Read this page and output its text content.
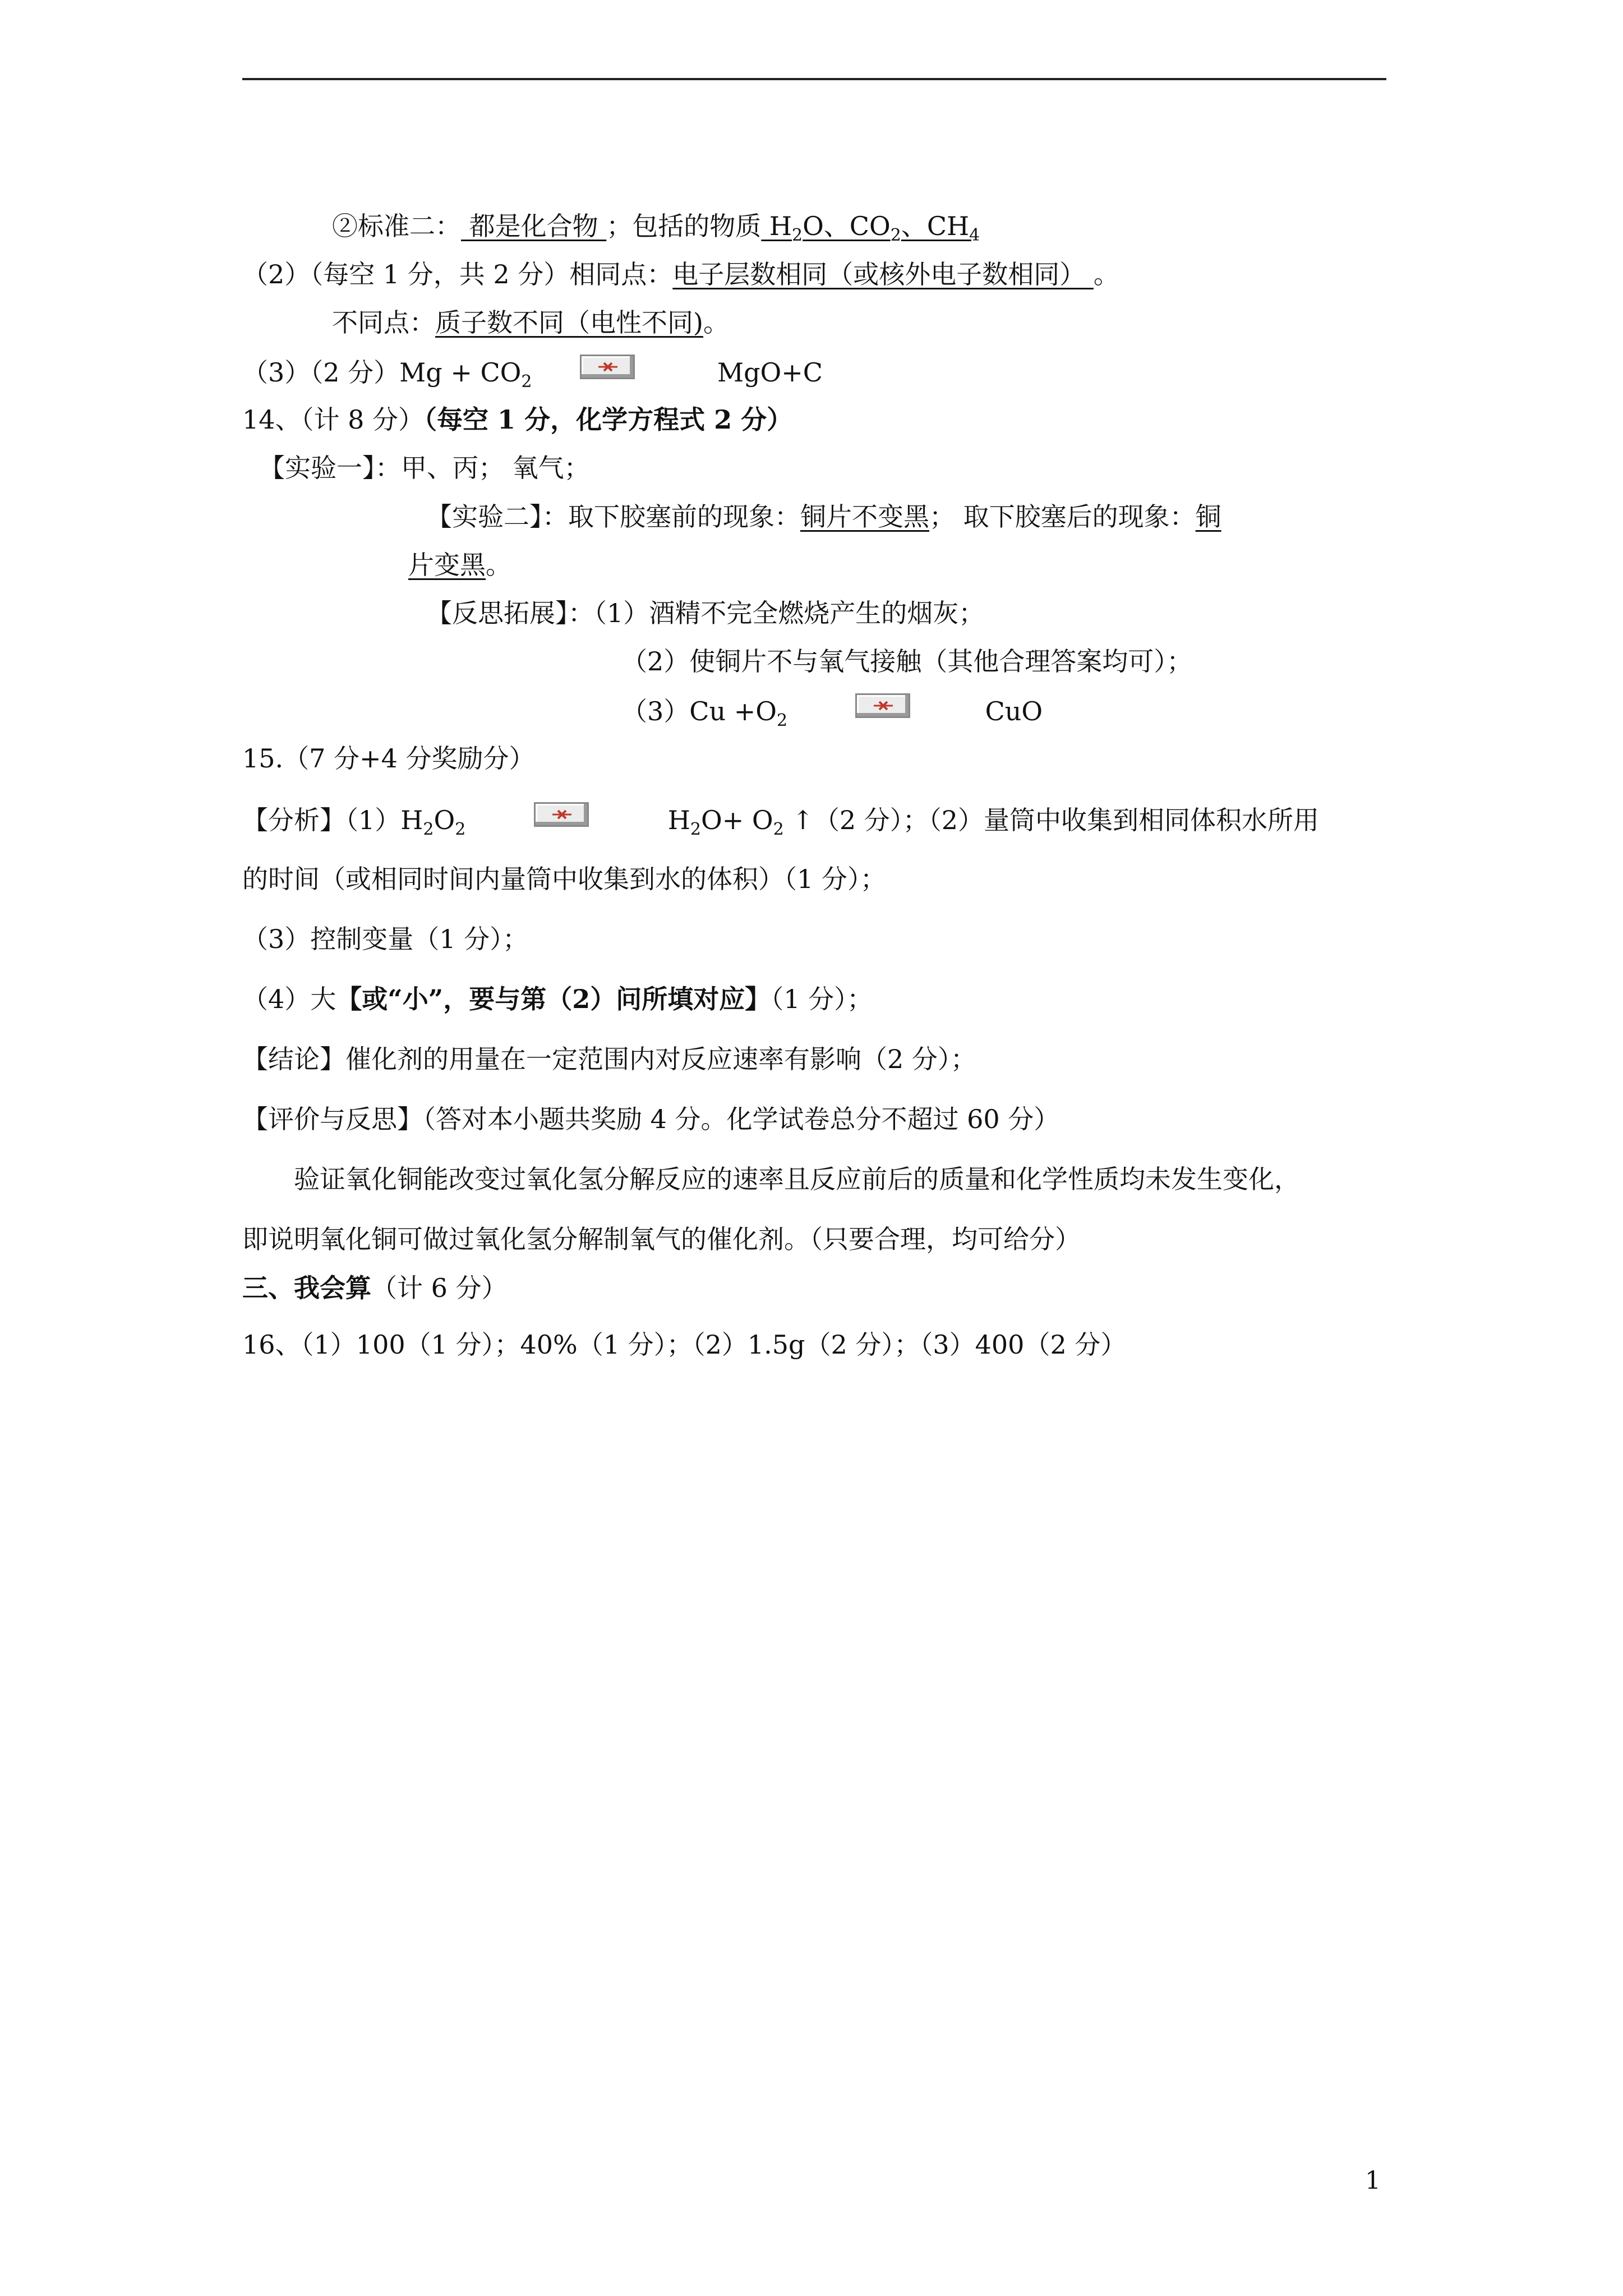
②标准二： 都是化合物 ；包括的物质 $H_2O$、$CO_2$、$CH_4$
（2）（每空 1 分，共 2 分）相同点：电子层数相同（或核外电子数相同） 。
不同点：质子数不同（电性不同)。
（3）（2 分）$Mg + CO_2$	MgO+C
14、（计 8 分）（每空 1 分，化学方程式 2 分）
【实验一】：甲、丙； 氧气；
【实验二】：取下胶塞前的现象：铜片不变黑； 取下胶塞后的现象：铜
片变黑。
【反思拓展】：（1）酒精不完全燃烧产生的烟灰；
（2）使铜片不与氧气接触（其他合理答案均可）；
$(3)Cu +O_2$	CuO
15.（7 分+4 分奖励分）
【分析】$(1)H_2O_2$	$H_2O+ O_2$ ↑（2 分）；（2）量筒中收集到相同体积水所用
的时间（或相同时间内量筒中收集到水的体积）（1 分）；
（3）控制变量（1 分）；
（4）大【或“小”，要与第（2）问所填对应】（1 分）；
【结论】催化剂的用量在一定范围内对反应速率有影响（2 分）；
【评价与反思】（答对本小题共奖励 4 分。化学试卷总分不超过 60 分）
验证氧化铜能改变过氧化氢分解反应的速率且反应前后的质量和化学性质均未发生变化，
即说明氧化铜可做过氧化氢分解制氧气的催化剂。（只要合理，均可给分）
三、我会算（计 6 分）
16、（1）100（1 分）；40%（1 分）；（2）1.5g（2 分）；（3）400（2 分）
1
